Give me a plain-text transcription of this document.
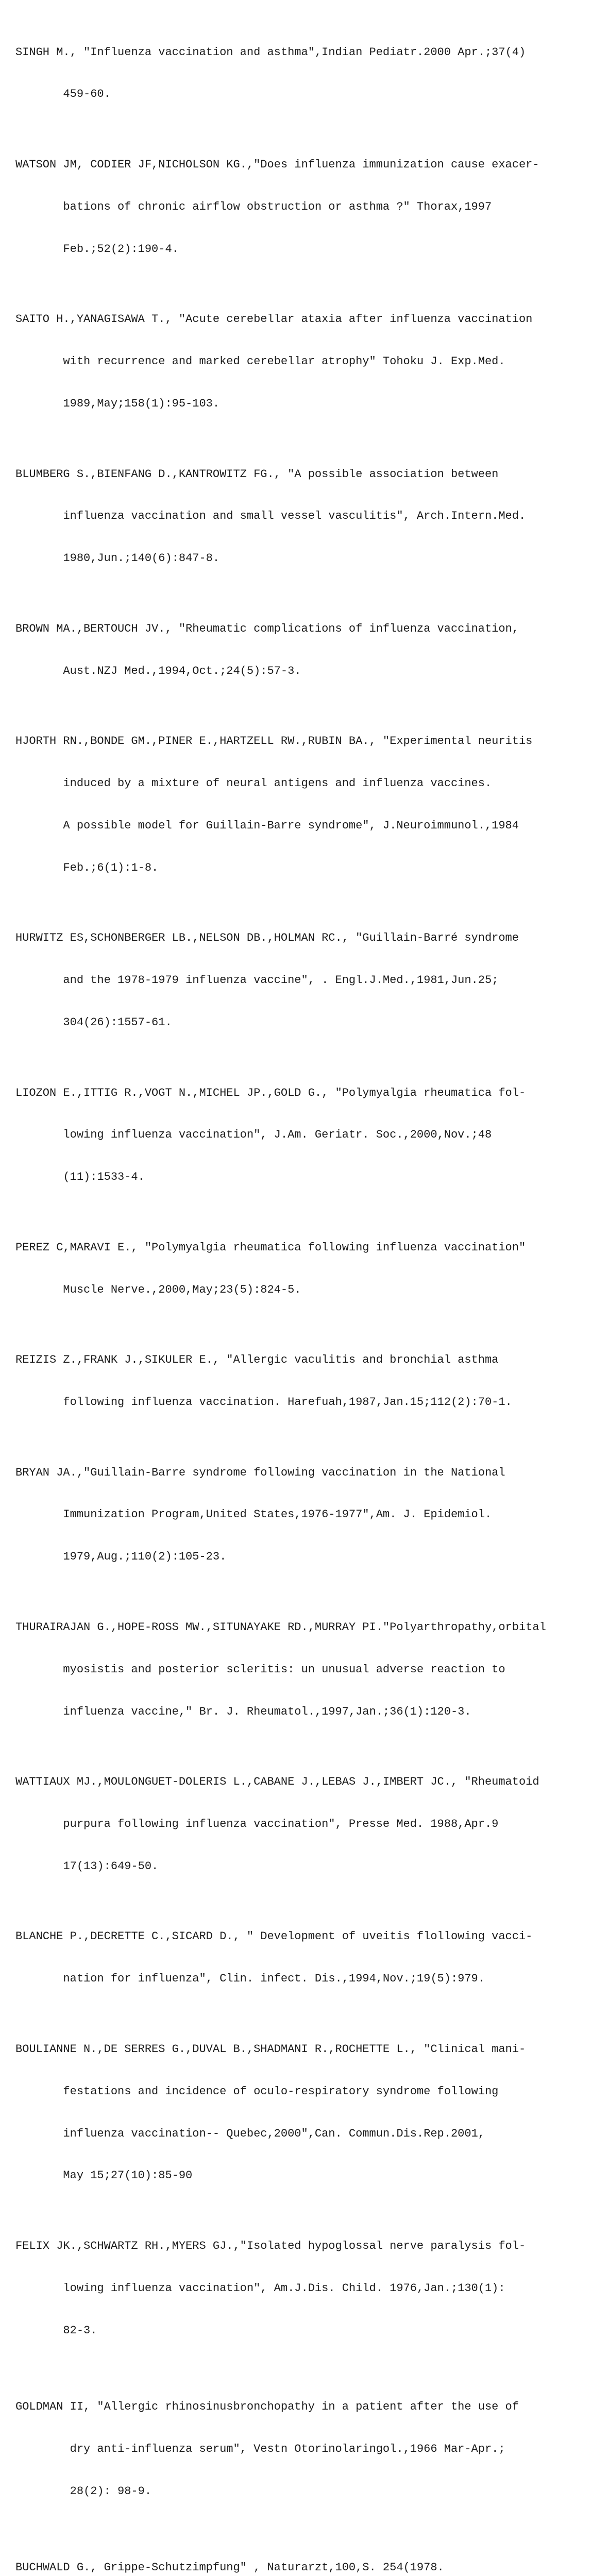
SINGH M., "Influenza vaccination and asthma",Indian Pediatr.2000 Apr.;37(4)

459-60.

WATSON JM, CODIER JF,NICHOLSON KG.,"Does influenza immunization cause exacer-

bations of chronic airflow obstruction or asthma ?" Thorax,1997

Feb.;52(2):190-4.

SAITO H.,YANAGISAWA T., "Acute cerebellar ataxia after influenza vaccination

with recurrence and marked cerebellar atrophy" Tohoku J. Exp.Med.

1989,May;158(1):95-103.

BLUMBERG S.,BIENFANG D.,KANTROWITZ FG., "A possible association between

influenza vaccination and small vessel vasculitis", Arch.Intern.Med.

1980,Jun.;140(6):847-8.

BROWN MA.,BERTOUCH JV., "Rheumatic complications of influenza vaccination,

Aust.NZJ Med.,1994,Oct.;24(5):57-3.

HJORTH RN.,BONDE GM.,PINER E.,HARTZELL RW.,RUBIN BA., "Experimental neuritis

induced by a mixture of neural antigens and influenza vaccines.

A possible model for Guillain-Barre syndrome", J.Neuroimmunol.,1984

Feb.;6(1):1-8.

HURWITZ ES,SCHONBERGER LB.,NELSON DB.,HOLMAN RC., "Guillain-Barré syndrome

and the 1978-1979 influenza vaccine", . Engl.J.Med.,1981,Jun.25;

304(26):1557-61.

LIOZON E.,ITTIG R.,VOGT N.,MICHEL JP.,GOLD G., "Polymyalgia rheumatica fol-

lowing influenza vaccination", J.Am. Geriatr. Soc.,2000,Nov.;48

(11):1533-4.

PEREZ C,MARAVI E., "Polymyalgia rheumatica following influenza vaccination"

Muscle Nerve.,2000,May;23(5):824-5.

REIZIS Z.,FRANK J.,SIKULER E., "Allergic vaculitis and bronchial asthma

following influenza vaccination. Harefuah,1987,Jan.15;112(2):70-1.

BRYAN JA.,"Guillain-Barre syndrome following vaccination in the National

Immunization Program,United States,1976-1977",Am. J. Epidemiol.

1979,Aug.;110(2):105-23.

THURAIRAJAN G.,HOPE-ROSS MW.,SITUNAYAKE RD.,MURRAY PI."Polyarthropathy,orbital

myosistis and posterior scleritis: un unusual adverse reaction to

influenza vaccine," Br. J. Rheumatol.,1997,Jan.;36(1):120-3.

WATTIAUX MJ.,MOULONGUET-DOLERIS L.,CABANE J.,LEBAS J.,IMBERT JC., "Rheumatoid

purpura following influenza vaccination", Presse Med. 1988,Apr.9

17(13):649-50.

BLANCHE P.,DECRETTE C.,SICARD D., " Development of uveitis flollowing vacci-

nation for influenza", Clin. infect. Dis.,1994,Nov.;19(5):979.

BOULIANNE N.,DE SERRES G.,DUVAL B.,SHADMANI R.,ROCHETTE L., "Clinical mani-

festations and incidence of oculo-respiratory syndrome following

influenza vaccination-- Quebec,2000",Can. Commun.Dis.Rep.2001,

May 15;27(10):85-90

FELIX JK.,SCHWARTZ RH.,MYERS GJ.,"Isolated hypoglossal nerve paralysis fol-

lowing influenza vaccination", Am.J.Dis. Child. 1976,Jan.;130(1):

82-3.

GOLDMAN II, "Allergic rhinosinusbronchopathy in a patient after the use of

dry anti-influenza serum", Vestn Otorinolaringol.,1966 Mar-Apr.;

28(2): 98-9.

BUCHWALD G., Grippe-Schutzimpfung" , Naturarzt,100,S. 254(1978.
